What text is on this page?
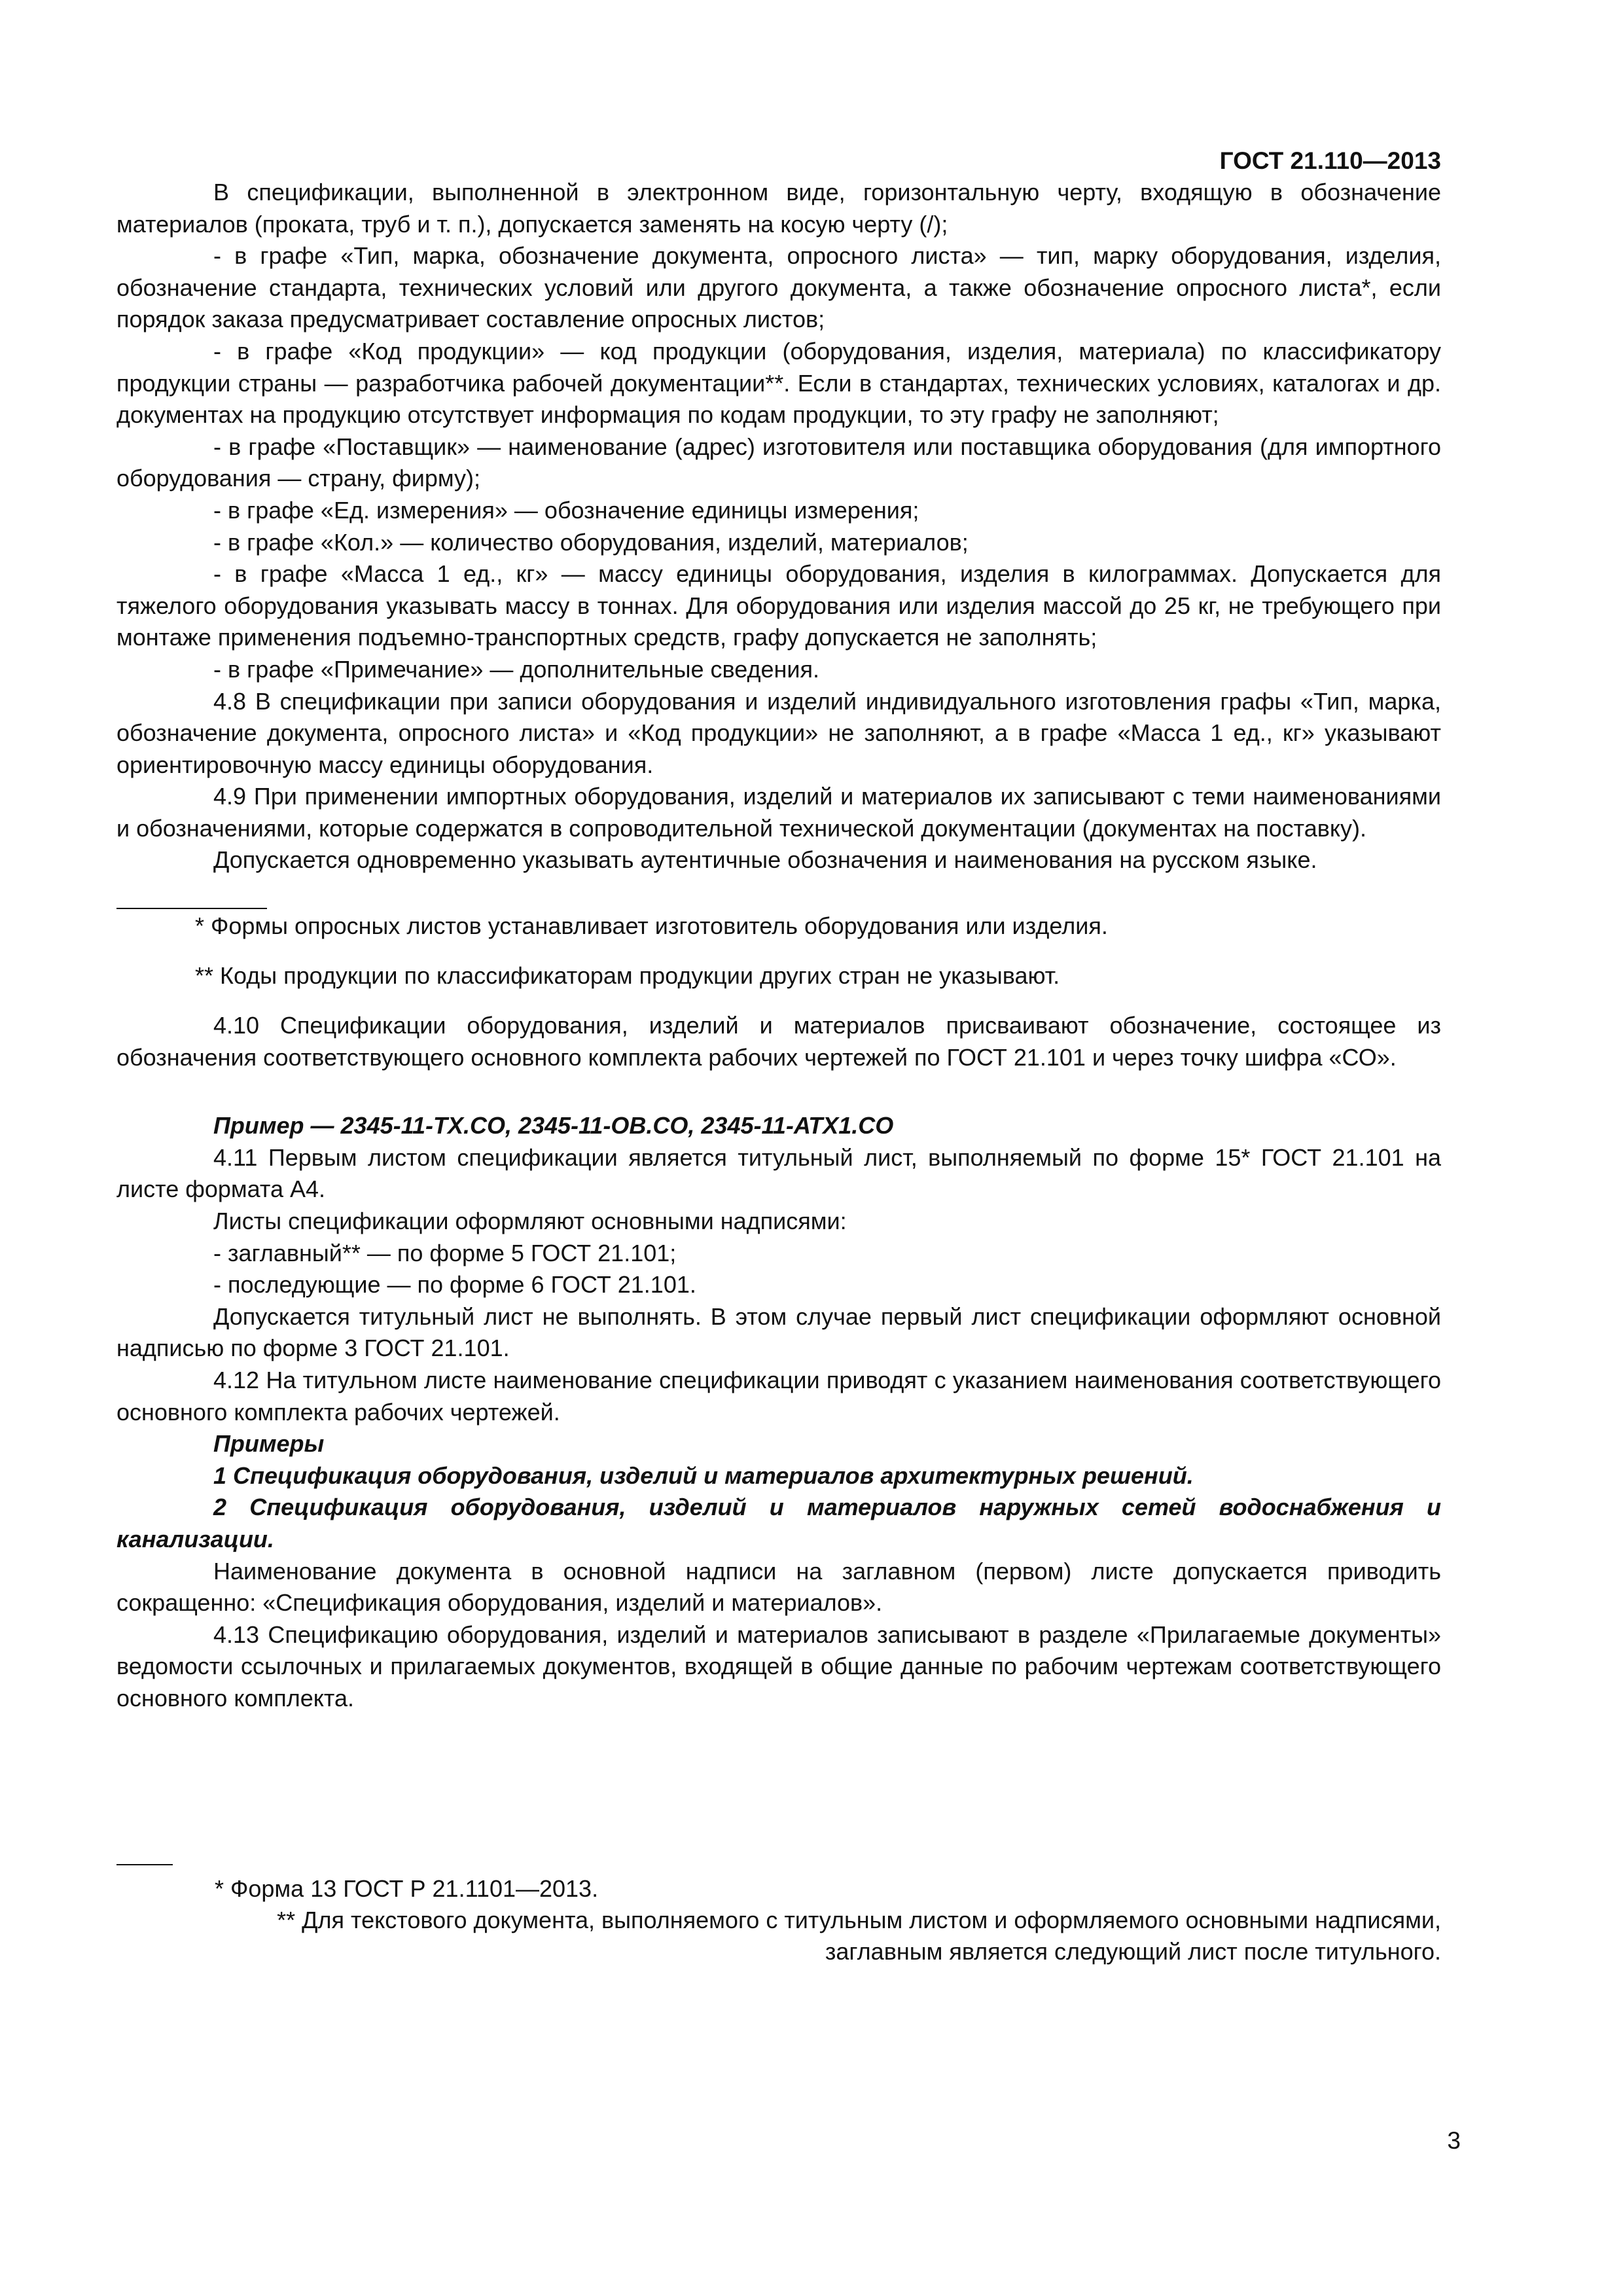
ГОСТ 21.110—2013

В спецификации, выполненной в электронном виде, горизонтальную черту, входящую в обозначение материалов (проката, труб и т. п.), допускается заменять на косую черту (/);

- в графе «Тип, марка, обозначение документа, опросного листа» — тип, марку оборудования, изделия, обозначение стандарта, технических условий или другого документа, а также обозначение опросного листа*, если порядок заказа предусматривает составление опросных листов;

- в графе «Код продукции» — код продукции (оборудования, изделия, материала) по классификатору продукции страны — разработчика рабочей документации**. Если в стандартах, технических условиях, каталогах и др. документах на продукцию отсутствует информация по кодам продукции, то эту графу не заполняют;

- в графе «Поставщик» — наименование (адрес) изготовителя или поставщика оборудования (для импортного оборудования — страну, фирму);

- в графе «Ед. измерения» — обозначение единицы измерения;

- в графе «Кол.» — количество оборудования, изделий, материалов;

- в графе «Масса 1 ед., кг» — массу единицы оборудования, изделия в килограммах. Допускается для тяжелого оборудования указывать массу в тоннах. Для оборудования или изделия массой до 25 кг, не требующего при монтаже применения подъемно-транспортных средств, графу допускается не заполнять;

- в графе «Примечание» — дополнительные сведения.

4.8 В спецификации при записи оборудования и изделий индивидуального изготовления графы «Тип, марка, обозначение документа, опросного листа» и «Код продукции» не заполняют, а в графе «Масса 1 ед., кг» указывают ориентировочную массу единицы оборудования.

4.9 При применении импортных оборудования, изделий и материалов их записывают с теми наименованиями и обозначениями, которые содержатся в сопроводительной технической документации (документах на поставку).

Допускается одновременно указывать аутентичные обозначения и наименования на русском языке.

* Формы опросных листов устанавливает изготовитель оборудования или изделия.

** Коды продукции по классификаторам продукции других стран не указывают.

4.10 Спецификации оборудования, изделий и материалов присваивают обозначение, состоящее из обозначения соответствующего основного комплекта рабочих чертежей по ГОСТ 21.101 и через точку шифра «СО».

Пример — 2345-11-ТХ.СО, 2345-11-ОВ.СО, 2345-11-АТХ1.СО

4.11 Первым листом спецификации является титульный лист, выполняемый по форме 15* ГОСТ 21.101 на листе формата А4.

Листы спецификации оформляют основными надписями:

- заглавный** — по форме 5 ГОСТ 21.101;

- последующие — по форме 6 ГОСТ 21.101.

Допускается титульный лист не выполнять. В этом случае первый лист спецификации оформляют основной надписью по форме 3 ГОСТ 21.101.

4.12 На титульном листе наименование спецификации приводят с указанием наименования соответствующего основного комплекта рабочих чертежей.

Примеры

1 Спецификация оборудования, изделий и материалов архитектурных решений.

2 Спецификация оборудования, изделий и материалов наружных сетей водоснабжения и канализации.

Наименование документа в основной надписи на заглавном (первом) листе допускается приводить сокращенно: «Спецификация оборудования, изделий и материалов».

4.13 Спецификацию оборудования, изделий и материалов записывают в разделе «Прилагаемые документы» ведомости ссылочных и прилагаемых документов, входящей в общие данные по рабочим чертежам соответствующего основного комплекта.

* Форма 13 ГОСТ Р 21.1101—2013.

** Для текстового документа, выполняемого с титульным листом и оформляемого основными надписями, заглавным является следующий лист после титульного.

3
